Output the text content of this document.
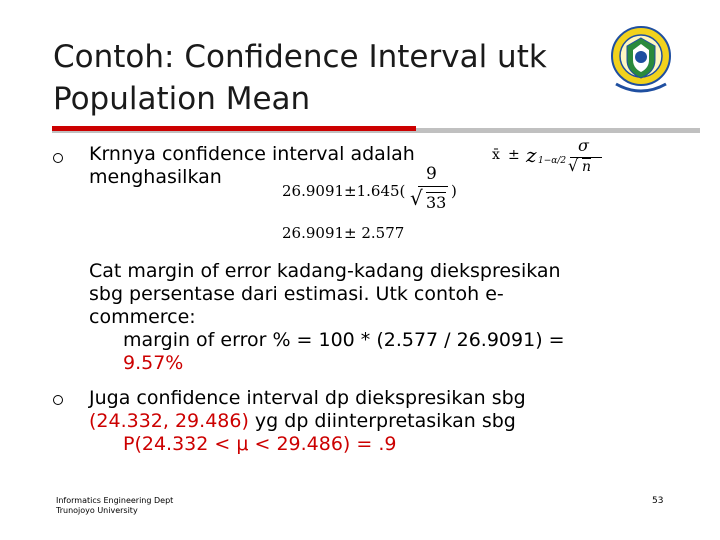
Contoh: Confidence Interval utk
Population Mean
Krnnya confidence interval adalah
menghasilkan
x̄ ± z 1−α/2
σ
√ n
26.9091±1.645(
9
√ 33
)
26.9091± 2.577
Cat margin of error kadang-kadang diekspresikan
sbg persentase dari estimasi. Utk contoh e-
commerce:
margin of error % = 100 * (2.577 / 26.9091) =
9.57%
Juga confidence interval dp diekspresikan sbg
(24.332, 29.486) yg dp diinterpretasikan sbg
P(24.332 < μ < 29.486) = .9
Informatics Engineering Dept
Trunojoyo University
53
